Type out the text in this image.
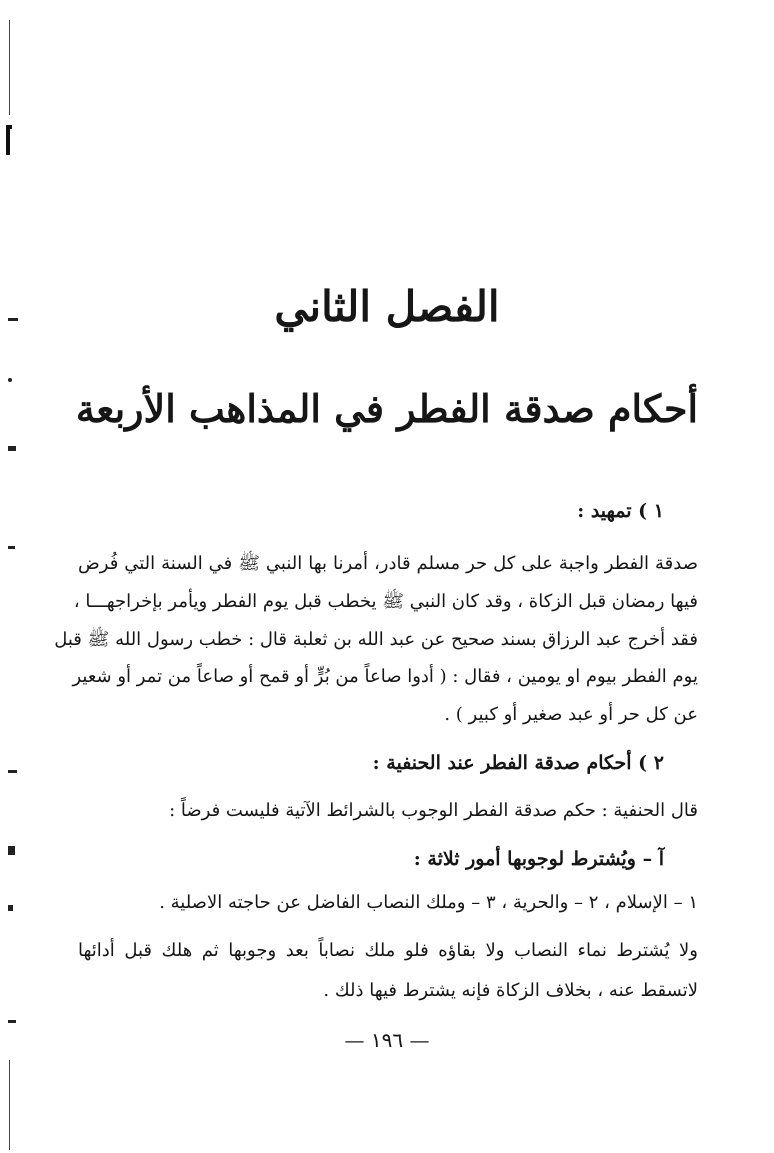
الفصل الثاني
أحكام صدقة الفطر في المذاهب الأربعة
١ ) تمهيد :
صدقة الفطر واجبة على كل حر مسلم قادر، أمرنا بها النبي ﷺ في السنة التي فُرض
فيها رمضان قبل الزكاة ، وقد كان النبي ﷺ يخطب قبل يوم الفطر ويأمر بإخراجهـــا ،
فقد أخرج عبد الرزاق بسند صحيح عن عبد الله بن ثعلبة قال : خطب رسول الله ﷺ قبل
يوم الفطر بيوم او يومين ، فقال : ( أدوا صاعاً من بُرٍّ أو قمح أو صاعاً من تمر أو شعير
عن كل حر أو عبد صغير أو كبير ) .
٢ ) أحكام صدقة الفطر عند الحنفية :
قال الحنفية : حكم صدقة الفطر الوجوب بالشرائط الآتية فليست فرضاً :
آ – ويُشترط لوجوبها أمور ثلاثة :
١ – الإسلام ، ٢ – والحرية ، ٣ – وملك النصاب الفاضل عن حاجته الاصلية .
ولا يُشترط نماء النصاب ولا بقاؤه فلو ملك نصاباً بعد وجوبها ثم هلك قبل أدائها
لاتسقط عنه ، بخلاف الزكاة فإنه يشترط فيها ذلك .
— ١٩٦ —
